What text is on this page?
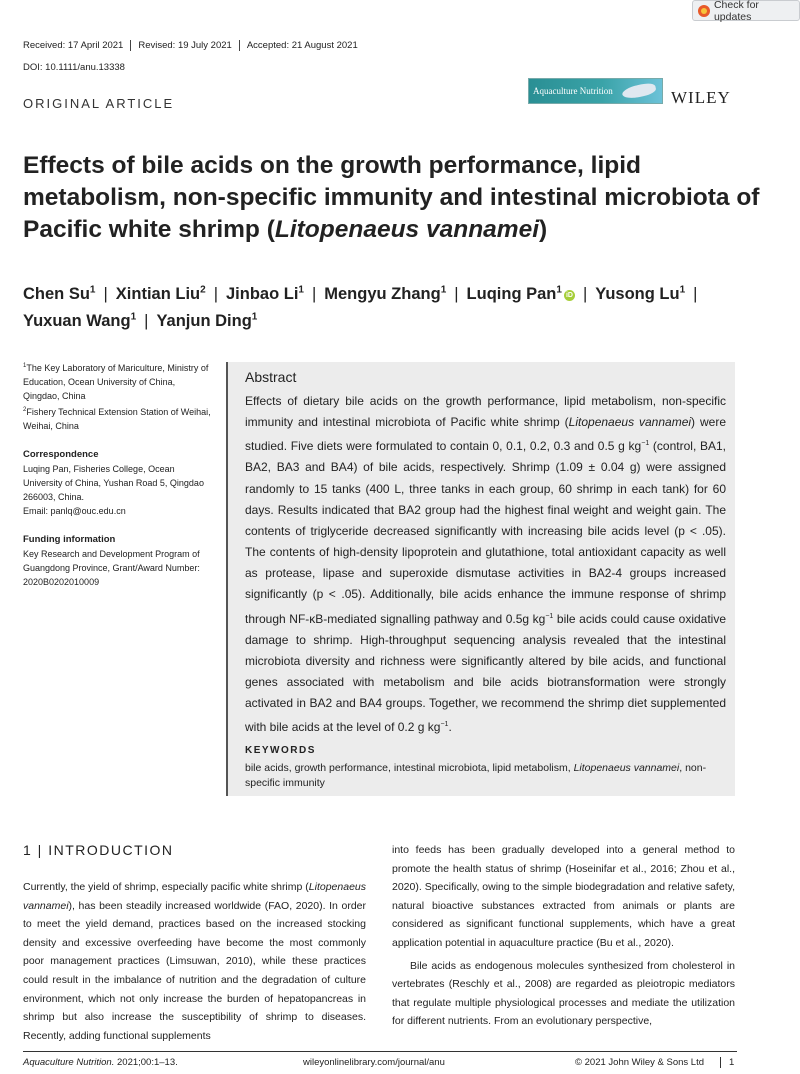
Check for updates
Received: 17 April 2021	Revised: 19 July 2021	Accepted: 21 August 2021
DOI: 10.1111/anu.13338
ORIGINAL ARTICLE
Aquaculture Nutrition	WILEY
Effects of bile acids on the growth performance, lipid metabolism, non-specific immunity and intestinal microbiota of Pacific white shrimp (Litopenaeus vannamei)
Chen Su$^1$ | Xintian Liu$^2$ | Jinbao Li$^1$ | Mengyu Zhang$^1$ | Luqing Pan$^1$ iD | Yusong Lu$^1$ |
Yuxuan Wang$^1$ | Yanjun Ding$^1$
$^1$The Key Laboratory of Mariculture, Ministry of Education, Ocean University of China, Qingdao, China
$^2$Fishery Technical Extension Station of Weihai, Weihai, China
Correspondence
Luqing Pan, Fisheries College, Ocean University of China, Yushan Road 5, Qingdao 266003, China.
Email: panlq@ouc.edu.cn
Funding information
Key Research and Development Program of Guangdong Province, Grant/Award Number: 2020B0202010009
Abstract
Effects of dietary bile acids on the growth performance, lipid metabolism, non-specific immunity and intestinal microbiota of Pacific white shrimp (Litopenaeus vannamei) were studied. Five diets were formulated to contain 0, 0.1, 0.2, 0.3 and 0.5 g $kg^{-1}$ (control, BA1, BA2, BA3 and BA4) of bile acids, respectively. Shrimp (1.09 ± 0.04 g) were assigned randomly to 15 tanks (400 L, three tanks in each group, 60 shrimp in each tank) for 60 days. Results indicated that BA2 group had the highest final weight and weight gain. The contents of triglyceride decreased significantly with increasing bile acids level (p < .05). The contents of high-density lipoprotein and glutathione, total antioxidant capacity as well as protease, lipase and superoxide dismutase activities in BA2-4 groups increased significantly (p < .05). Additionally, bile acids enhance the immune response of shrimp through NF-κB-mediated signalling pathway and 0.5g $kg^{-1}$ bile acids could cause oxidative damage to shrimp. High-throughput sequencing analysis revealed that the intestinal microbiota diversity and richness were significantly altered by bile acids, and functional genes associated with metabolism and bile acids biotransformation were strongly activated in BA2 and BA4 groups. Together, we recommend the shrimp diet supplemented with bile acids at the level of 0.2 g $kg^{-1}$.
KEYWORDS
bile acids, growth performance, intestinal microbiota, lipid metabolism, Litopenaeus vannamei, non-specific immunity
1 | INTRODUCTION

Currently, the yield of shrimp, especially pacific white shrimp (Litopenaeus vannamei), has been steadily increased worldwide (FAO, 2020). In order to meet the yield demand, practices based on the increased stocking density and excessive overfeeding have become the most commonly poor management practices (Limsuwan, 2010), while these practices could result in the imbalance of nutrition and the degradation of culture environment, which not only increase the burden of hepatopancreas in shrimp but also increase the susceptibility of shrimp to diseases. Recently, adding functional supplements

into feeds has been gradually developed into a general method to promote the health status of shrimp (Hoseinifar et al., 2016; Zhou et al., 2020). Specifically, owing to the simple biodegradation and relative safety, natural bioactive substances extracted from animals or plants are considered as significant functional supplements, which have a great application potential in aquaculture practice (Bu et al., 2020).

Bile acids as endogenous molecules synthesized from cholesterol in vertebrates (Reschly et al., 2008) are regarded as pleiotropic mediators that regulate multiple physiological processes and mediate the utilization for different nutrients. From an evolutionary perspective,

Aquaculture Nutrition. 2021;00:1–13.	wileyonlinelibrary.com/journal/anu	© 2021 John Wiley & Sons Ltd	1
